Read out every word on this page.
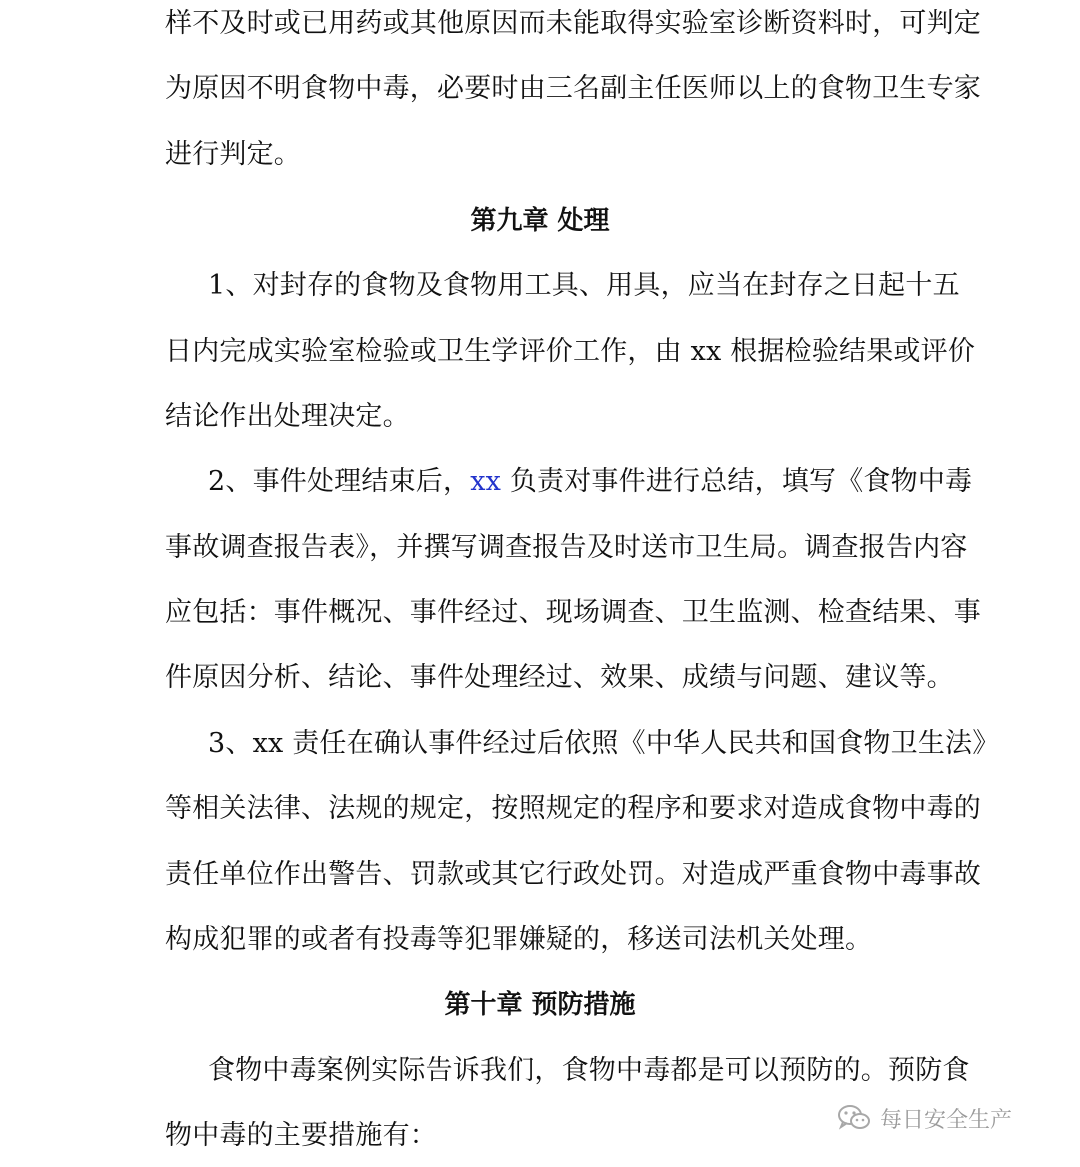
样不及时或已用药或其他原因而未能取得实验室诊断资料时，可判定
为原因不明食物中毒，必要时由三名副主任医师以上的食物卫生专家
进行判定。
第九章 处理
1、对封存的食物及食物用工具、用具，应当在封存之日起十五
日内完成实验室检验或卫生学评价工作，由 xx 根据检验结果或评价
结论作出处理决定。
2、事件处理结束后，xx 负责对事件进行总结，填写《食物中毒
事故调查报告表》，并撰写调查报告及时送市卫生局。调查报告内容
应包括：事件概况、事件经过、现场调查、卫生监测、检查结果、事
件原因分析、结论、事件处理经过、效果、成绩与问题、建议等。
3、xx 责任在确认事件经过后依照《中华人民共和国食物卫生法》
等相关法律、法规的规定，按照规定的程序和要求对造成食物中毒的
责任单位作出警告、罚款或其它行政处罚。对造成严重食物中毒事故
构成犯罪的或者有投毒等犯罪嫌疑的，移送司法机关处理。
第十章 预防措施
食物中毒案例实际告诉我们，食物中毒都是可以预防的。预防食
物中毒的主要措施有：	每日安全生产
